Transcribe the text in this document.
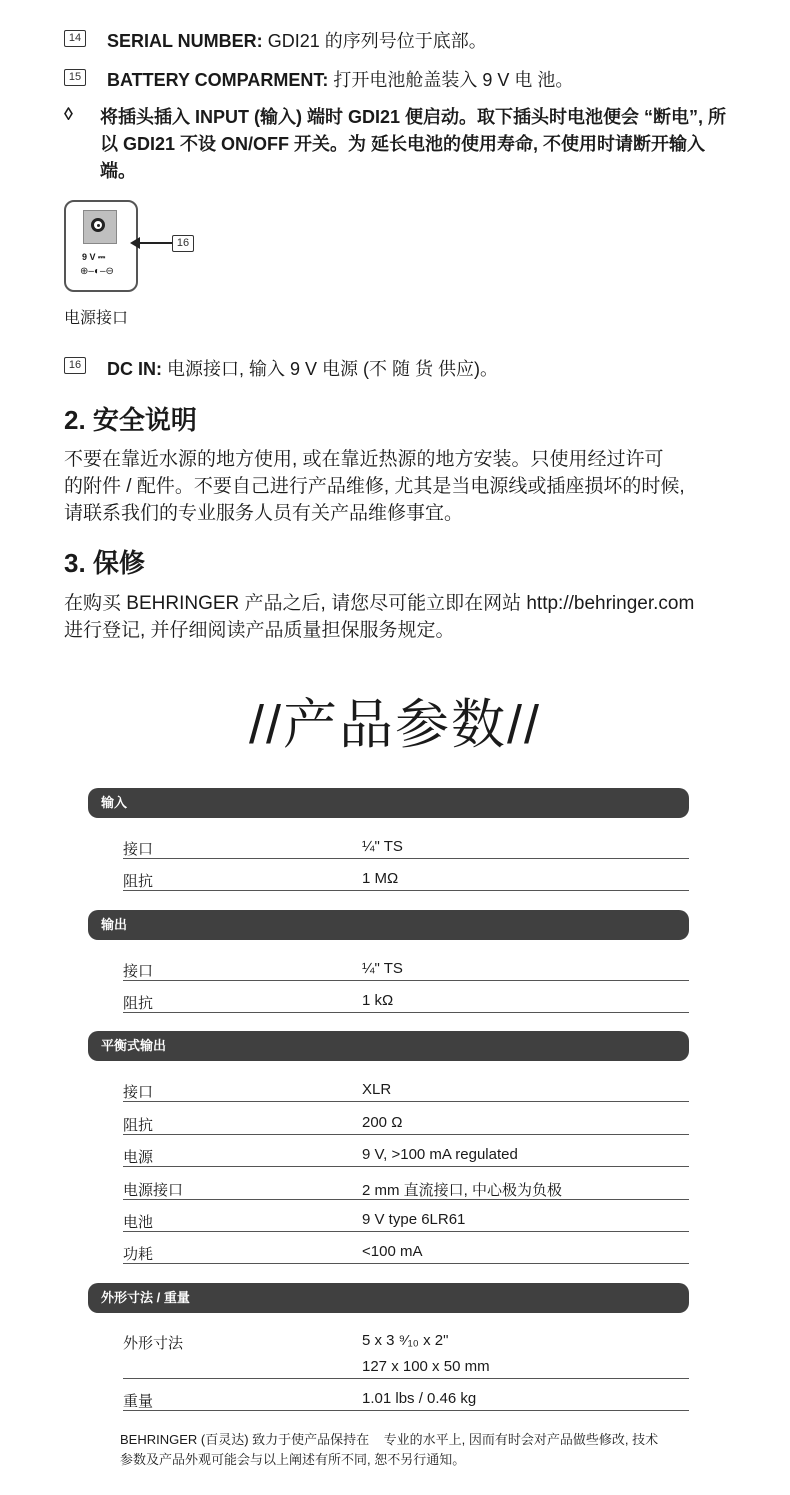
14 SERIAL NUMBER: GDI21 的序列号位于底部。
15 BATTERY COMPARMENT: 打开电池舱盖装入 9 V 电 池。
◊ 将插头插入 INPUT (输入) 端时 GDI21 便启动。取下插头时电池便会 “断电”, 所以 GDI21 不设 ON/OFF 开关。为 延长电池的使用寿命, 不使用时请断开输入端。
9 V ⎓
⊕–◐–⊖
16
电源接口
16 DC IN: 电源接口, 输入 9 V 电源 (不 随 货 供应)。
2. 安全说明
不要在靠近水源的地方使用, 或在靠近热源的地方安装。只使用经过许可
的附件 / 配件。不要自己进行产品维修, 尤其是当电源线或插座损坏的时候,
请联系我们的专业服务人员有关产品维修事宜。
3. 保修
在购买 BEHRINGER 产品之后, 请您尽可能立即在网站 http://behringer.com
进行登记, 并仔细阅读产品质量担保服务规定。
//产品参数//
输入
接口	¼" TS
阻抗	1 MΩ
输出
接口	¼" TS
阻抗	1 kΩ
平衡式输出
接口	XLR
阻抗	200 Ω
电源	9 V, >100 mA regulated
电源接口	2 mm 直流接口, 中心极为负极
电池	9 V type 6LR61
功耗	<100 mA
外形寸法 / 重量
外形寸法	5 x 3 ⁹⁄₁₀ x 2"
127 x 100 x 50 mm
重量	1.01 lbs / 0.46 kg
BEHRINGER (百灵达) 致力于使产品保持在    专业的水平上, 因而有时会对产品做些修改, 技术
参数及产品外观可能会与以上阐述有所不同, 恕不另行通知。
